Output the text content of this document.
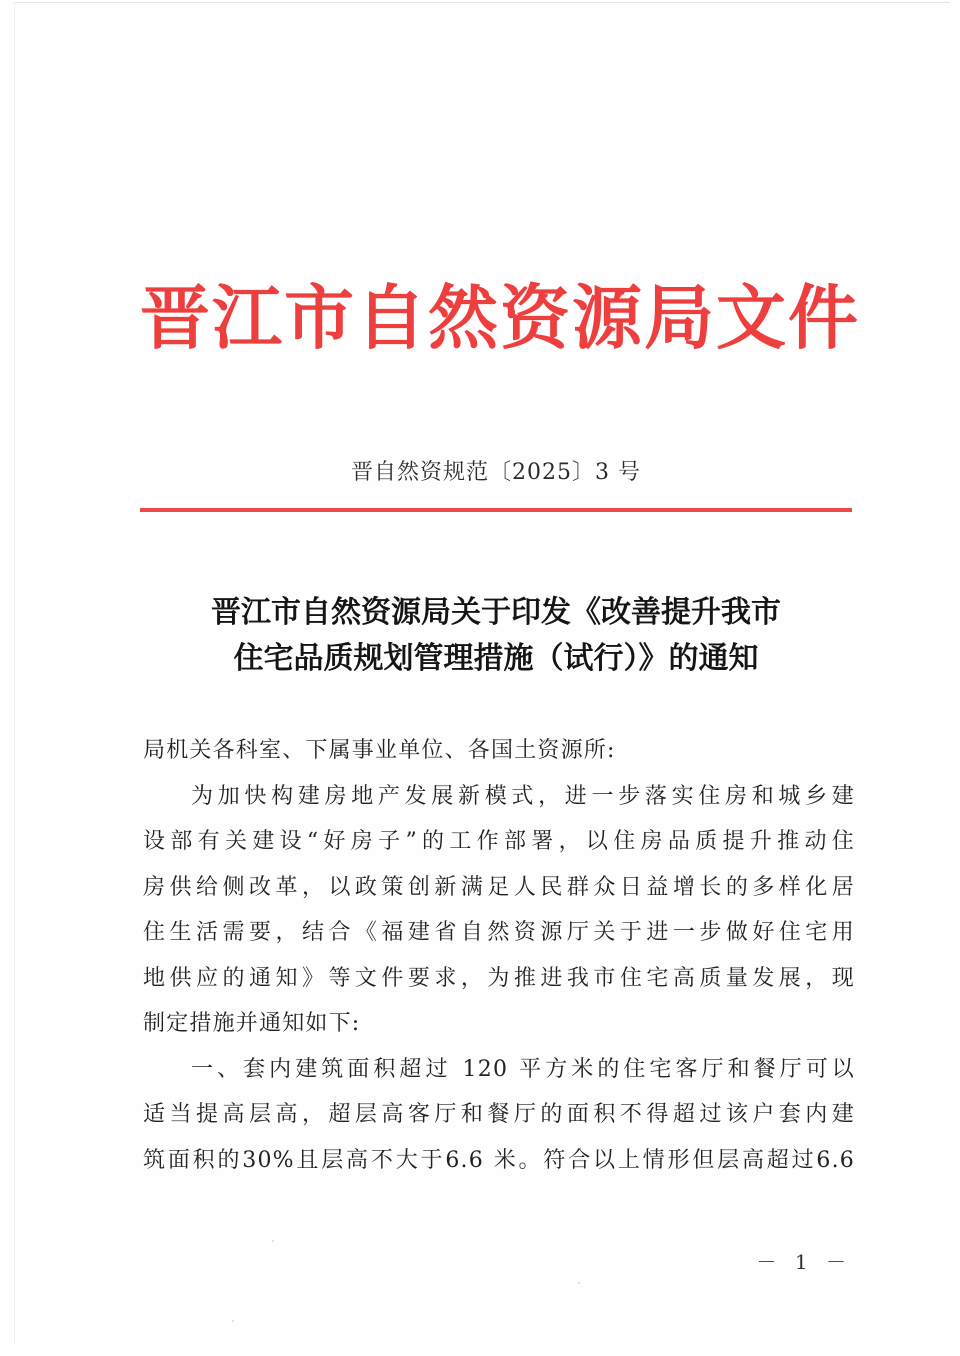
晋江市自然资源局文件
晋自然资规范〔2025〕3 号
晋江市自然资源局关于印发《改善提升我市
住宅品质规划管理措施（试行）》的通知
局机关各科室、下属事业单位、各国土资源所:
为加快构建房地产发展新模式，进一步落实住房和城乡建
设部有关建设“好房子”的工作部署，以住房品质提升推动住
房供给侧改革，以政策创新满足人民群众日益增长的多样化居
住生活需要，结合《福建省自然资源厅关于进一步做好住宅用
地供应的通知》等文件要求，为推进我市住宅高质量发展，现
制定措施并通知如下:
一、套内建筑面积超过 120 平方米的住宅客厅和餐厅可以
适当提高层高，超层高客厅和餐厅的面积不得超过该户套内建
筑面积的30%且层高不大于6.6 米。符合以上情形但层高超过6.6
－ 1 －
